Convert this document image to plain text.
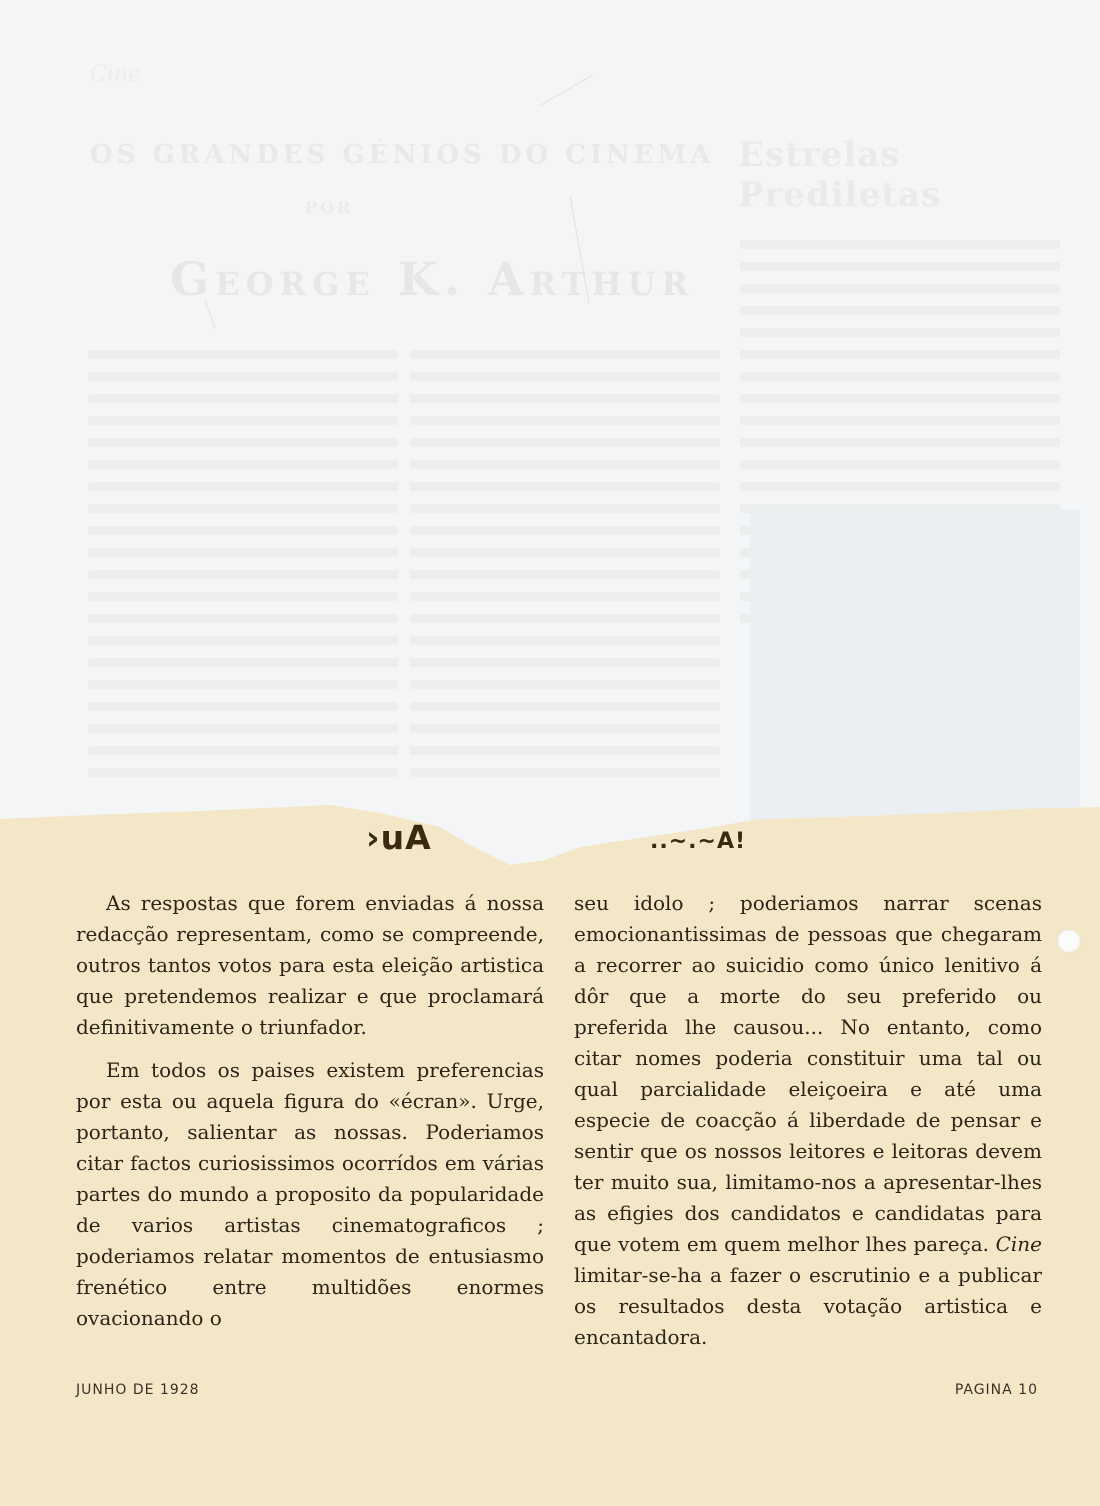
Cine
OS GRANDES GÉNIOS DO CINEMA
POR
George K. Arthur
Estrelas Prediletas
›uA	..~.~A!

As respostas que forem enviadas á nossa redacção representam, como se compreende, outros tantos votos para esta eleição artistica que pretendemos realizar e que proclamará definitivamente o triunfador.

Em todos os paises existem preferencias por esta ou aquela figura do «écran». Urge, portanto, salientar as nossas. Poderiamos citar factos curiosissimos ocorrídos em várias partes do mundo a proposito da popularidade de varios artistas cinematograficos ; poderiamos relatar momentos de entusiasmo frenético entre multidões enormes ovacionando o

seu idolo ; poderiamos narrar scenas emocionantissimas de pessoas que chegaram a recorrer ao suicidio como único lenitivo á dôr que a morte do seu preferido ou preferida lhe causou... No entanto, como citar nomes poderia constituir uma tal ou qual parcialidade eleiçoeira e até uma especie de coacção á liberdade de pensar e sentir que os nossos leitores e leitoras devem ter muito sua, limitamo-nos a apresentar-lhes as efigies dos candidatos e candidatas para que votem em quem melhor lhes pareça. Cine limitar-se-ha a fazer o escrutinio e a publicar os resultados desta votação artistica e encantadora.

JUNHO DE 1928	PAGINA 10
